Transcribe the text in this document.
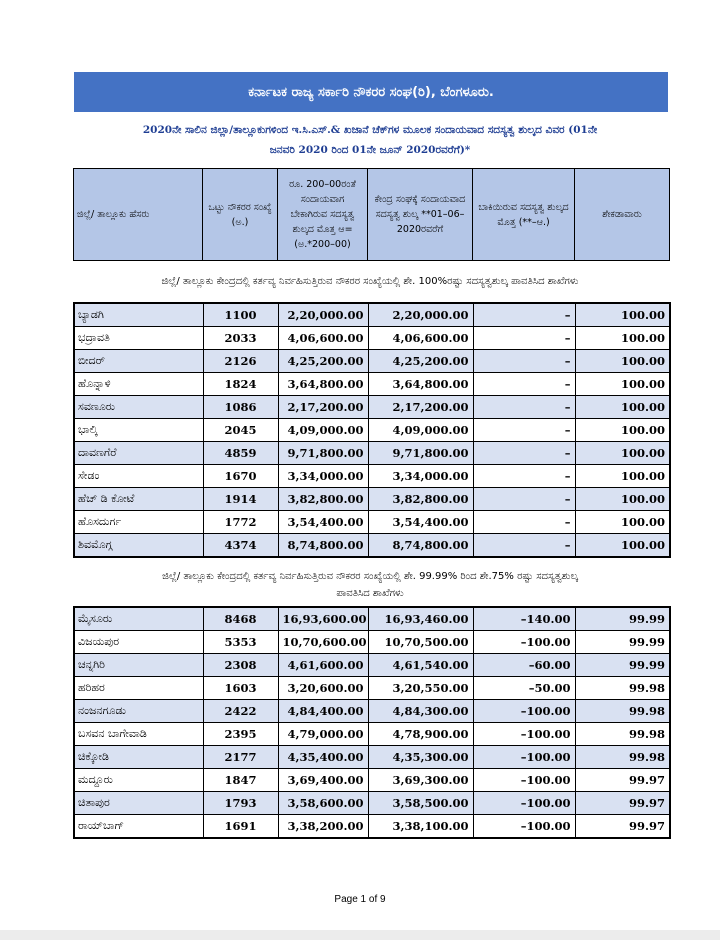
ಕರ್ನಾಟಕ ರಾಜ್ಯ ಸರ್ಕಾರಿ ನೌಕರರ ಸಂಘ(ರಿ), ಬೆಂಗಳೂರು.
2020ನೇ ಸಾಲಿನ ಜಿಲ್ಲಾ/ತಾಲ್ಲೂಕುಗಳಿಂದ ಇ.ಸಿ.ಎಸ್.& ಖಜಾನೆ ಚೆಕ್‌ಗಳ ಮೂಲಕ ಸಂದಾಯವಾದ ಸದಸ್ಯತ್ವ ಶುಲ್ಕದ ವಿವರ (01ನೇ
ಜನವರಿ 2020 ರಿಂದ 01ನೇ ಜೂನ್ 2020ರವರೆಗೆ)*
ಜಿಲ್ಲೆ/ ತಾಲ್ಲೂಕು ಹೆಸರು	ಒಟ್ಟು ನೌಕರರ ಸಂಖ್ಯೆ (ಅ.)	ರೂ. 200–00ರಂತೆ ಸಂದಾಯವಾಗ ಬೇಕಾಗಿರುವ ಸದಸ್ಯತ್ವ ಶುಲ್ಕದ ಮೊತ್ತ ಆ=(ಅ.*200–00)	ಕೇಂದ್ರ ಸಂಘಕ್ಕೆ ಸಂದಾಯವಾದ ಸದಸ್ಯತ್ವ ಶುಲ್ಕ **01–06–2020ರವರೆಗೆ	ಬಾಕಿಯಿರುವ ಸದಸ್ಯತ್ವ ಶುಲ್ಕದ ಮೊತ್ತ (**–ಆ.)	ಶೇಕಡಾವಾರು
ಜಿಲ್ಲೆ/ ತಾಲ್ಲೂಕು ಕೇಂದ್ರದಲ್ಲಿ ಕರ್ತವ್ಯ ನಿರ್ವಹಿಸುತ್ತಿರುವ ನೌಕರರ ಸಂಖ್ಯೆಯಲ್ಲಿ ಶೇ. 100%ರಷ್ಟು ಸದಸ್ಯತ್ವಶುಲ್ಕ ಪಾವತಿಸಿದ ಶಾಖೆಗಳು
ಬ್ಯಾಡಗಿ	1100	2,20,000.00	2,20,000.00	–	100.00
ಭದ್ರಾವತಿ	2033	4,06,600.00	4,06,600.00	–	100.00
ಬೀದರ್	2126	4,25,200.00	4,25,200.00	–	100.00
ಹೊನ್ನಾಳಿ	1824	3,64,800.00	3,64,800.00	–	100.00
ಸವಣೂರು	1086	2,17,200.00	2,17,200.00	–	100.00
ಭಾಲ್ಕಿ	2045	4,09,000.00	4,09,000.00	–	100.00
ದಾವಣಗೆರೆ	4859	9,71,800.00	9,71,800.00	–	100.00
ಸೇಡಂ	1670	3,34,000.00	3,34,000.00	–	100.00
ಹೆಚ್ ಡಿ ಕೋಟೆ	1914	3,82,800.00	3,82,800.00	–	100.00
ಹೊಸದುರ್ಗ	1772	3,54,400.00	3,54,400.00	–	100.00
ಶಿವಮೊಗ್ಗ	4374	8,74,800.00	8,74,800.00	–	100.00
ಜಿಲ್ಲೆ/ ತಾಲ್ಲೂಕು ಕೇಂದ್ರದಲ್ಲಿ ಕರ್ತವ್ಯ ನಿರ್ವಹಿಸುತ್ತಿರುವ ನೌಕರರ ಸಂಖ್ಯೆಯಲ್ಲಿ ಶೇ. 99.99% ರಿಂದ ಶೇ.75% ರಷ್ಟು ಸದಸ್ಯತ್ವಶುಲ್ಕ
ಪಾವತಿಸಿದ ಶಾಖೆಗಳು
ಮೈಸೂರು	8468	16,93,600.00	16,93,460.00	–140.00	99.99
ವಿಜಯಪುರ	5353	10,70,600.00	10,70,500.00	–100.00	99.99
ಚನ್ನಗಿರಿ	2308	4,61,600.00	4,61,540.00	–60.00	99.99
ಹರಿಹರ	1603	3,20,600.00	3,20,550.00	–50.00	99.98
ನಂಜನಗೂಡು	2422	4,84,400.00	4,84,300.00	–100.00	99.98
ಬಸವನ ಬಾಗೇವಾಡಿ	2395	4,79,000.00	4,78,900.00	–100.00	99.98
ಚಿಕ್ಕೋಡಿ	2177	4,35,400.00	4,35,300.00	–100.00	99.98
ಮದ್ದೂರು	1847	3,69,400.00	3,69,300.00	–100.00	99.97
ಚಿತಾಪುರ	1793	3,58,600.00	3,58,500.00	–100.00	99.97
ರಾಯ್‌ಬಾಗ್	1691	3,38,200.00	3,38,100.00	–100.00	99.97
Page 1 of 9
